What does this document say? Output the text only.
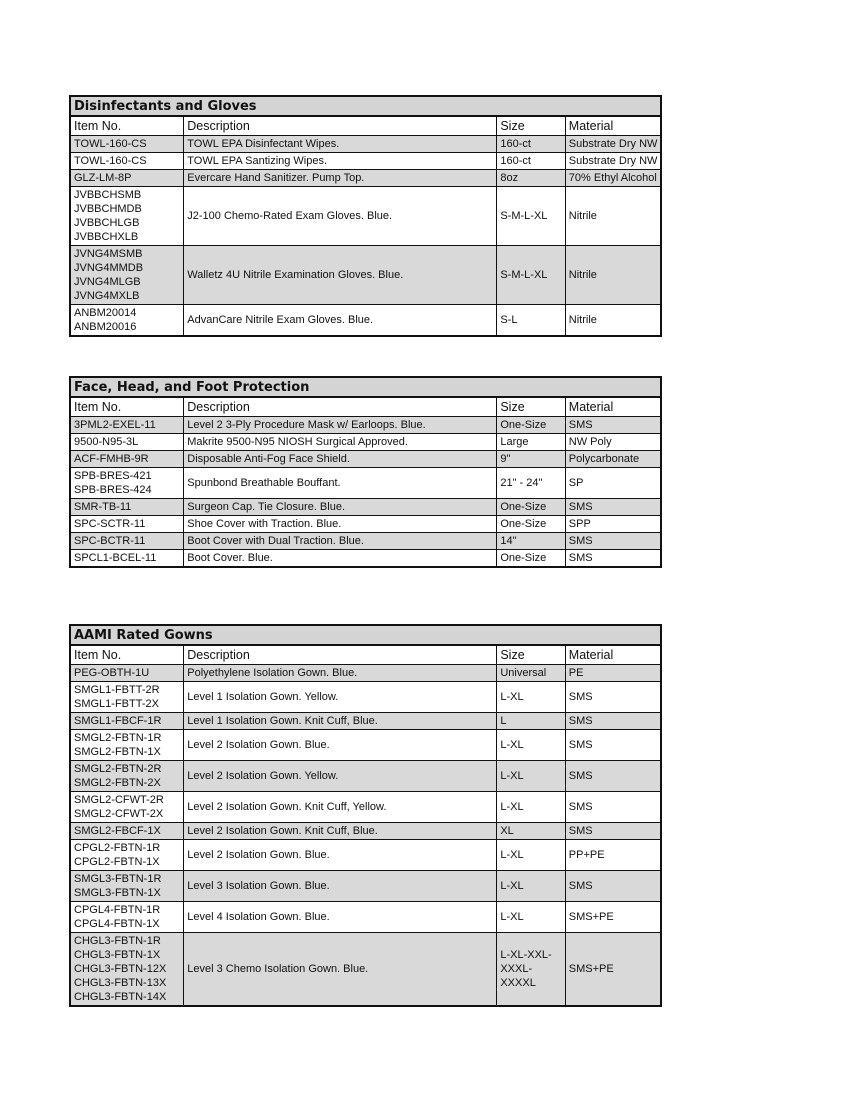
Disinfectants and Gloves			
Item No.	Description	Size	Material

TOWL-160-CS	TOWL EPA Disinfectant Wipes.	160-ct	Substrate Dry NW

TOWL-160-CS	TOWL EPA Santizing Wipes.	160-ct	Substrate Dry NW

GLZ-LM-8P	Evercare Hand Sanitizer. Pump Top.	8oz	70% Ethyl Alcohol

JVBBCHSMB
JVBBCHMDB
JVBBCHLGB
JVBBCHXLB	J2-100 Chemo-Rated Exam Gloves. Blue.	S-M-L-XL	Nitrile

JVNG4MSMB
JVNG4MMDB
JVNG4MLGB
JVNG4MXLB	Walletz 4U Nitrile Examination Gloves. Blue.	S-M-L-XL	Nitrile

ANBM20014
ANBM20016	AdvanCare Nitrile Exam Gloves. Blue.	S-L	Nitrile
Face, Head, and Foot Protection			
Item No.	Description	Size	Material

3PML2-EXEL-11	Level 2 3-Ply Procedure Mask w/ Earloops. Blue.	One-Size	SMS

9500-N95-3L	Makrite 9500-N95 NIOSH Surgical Approved.	Large	NW Poly

ACF-FMHB-9R	Disposable Anti-Fog Face Shield.	9"	Polycarbonate

SPB-BRES-421
SPB-BRES-424	Spunbond Breathable Bouffant.	21" - 24"	SP

SMR-TB-11	Surgeon Cap. Tie Closure. Blue.	One-Size	SMS

SPC-SCTR-11	Shoe Cover with Traction. Blue.	One-Size	SPP

SPC-BCTR-11	Boot Cover with Dual Traction. Blue.	14"	SMS

SPCL1-BCEL-11	Boot Cover. Blue.	One-Size	SMS
AAMI Rated Gowns			
Item No.	Description	Size	Material

PEG-OBTH-1U	Polyethylene Isolation Gown. Blue.	Universal	PE

SMGL1-FBTT-2R
SMGL1-FBTT-2X	Level 1 Isolation Gown. Yellow.	L-XL	SMS

SMGL1-FBCF-1R	Level 1 Isolation Gown. Knit Cuff, Blue.	L	SMS

SMGL2-FBTN-1R
SMGL2-FBTN-1X	Level 2 Isolation Gown. Blue.	L-XL	SMS

SMGL2-FBTN-2R
SMGL2-FBTN-2X	Level 2 Isolation Gown. Yellow.	L-XL	SMS

SMGL2-CFWT-2R
SMGL2-CFWT-2X	Level 2 Isolation Gown. Knit Cuff, Yellow.	L-XL	SMS

SMGL2-FBCF-1X	Level 2 Isolation Gown. Knit Cuff, Blue.	XL	SMS

CPGL2-FBTN-1R
CPGL2-FBTN-1X	Level 2 Isolation Gown. Blue.	L-XL	PP+PE

SMGL3-FBTN-1R
SMGL3-FBTN-1X	Level 3 Isolation Gown. Blue.	L-XL	SMS

CPGL4-FBTN-1R
CPGL4-FBTN-1X	Level 4 Isolation Gown. Blue.	L-XL	SMS+PE

CHGL3-FBTN-1R
CHGL3-FBTN-1X
CHGL3-FBTN-12X
CHGL3-FBTN-13X
CHGL3-FBTN-14X	Level 3 Chemo Isolation Gown. Blue.	L-XL-XXL-
XXXL-
XXXXL	SMS+PE
